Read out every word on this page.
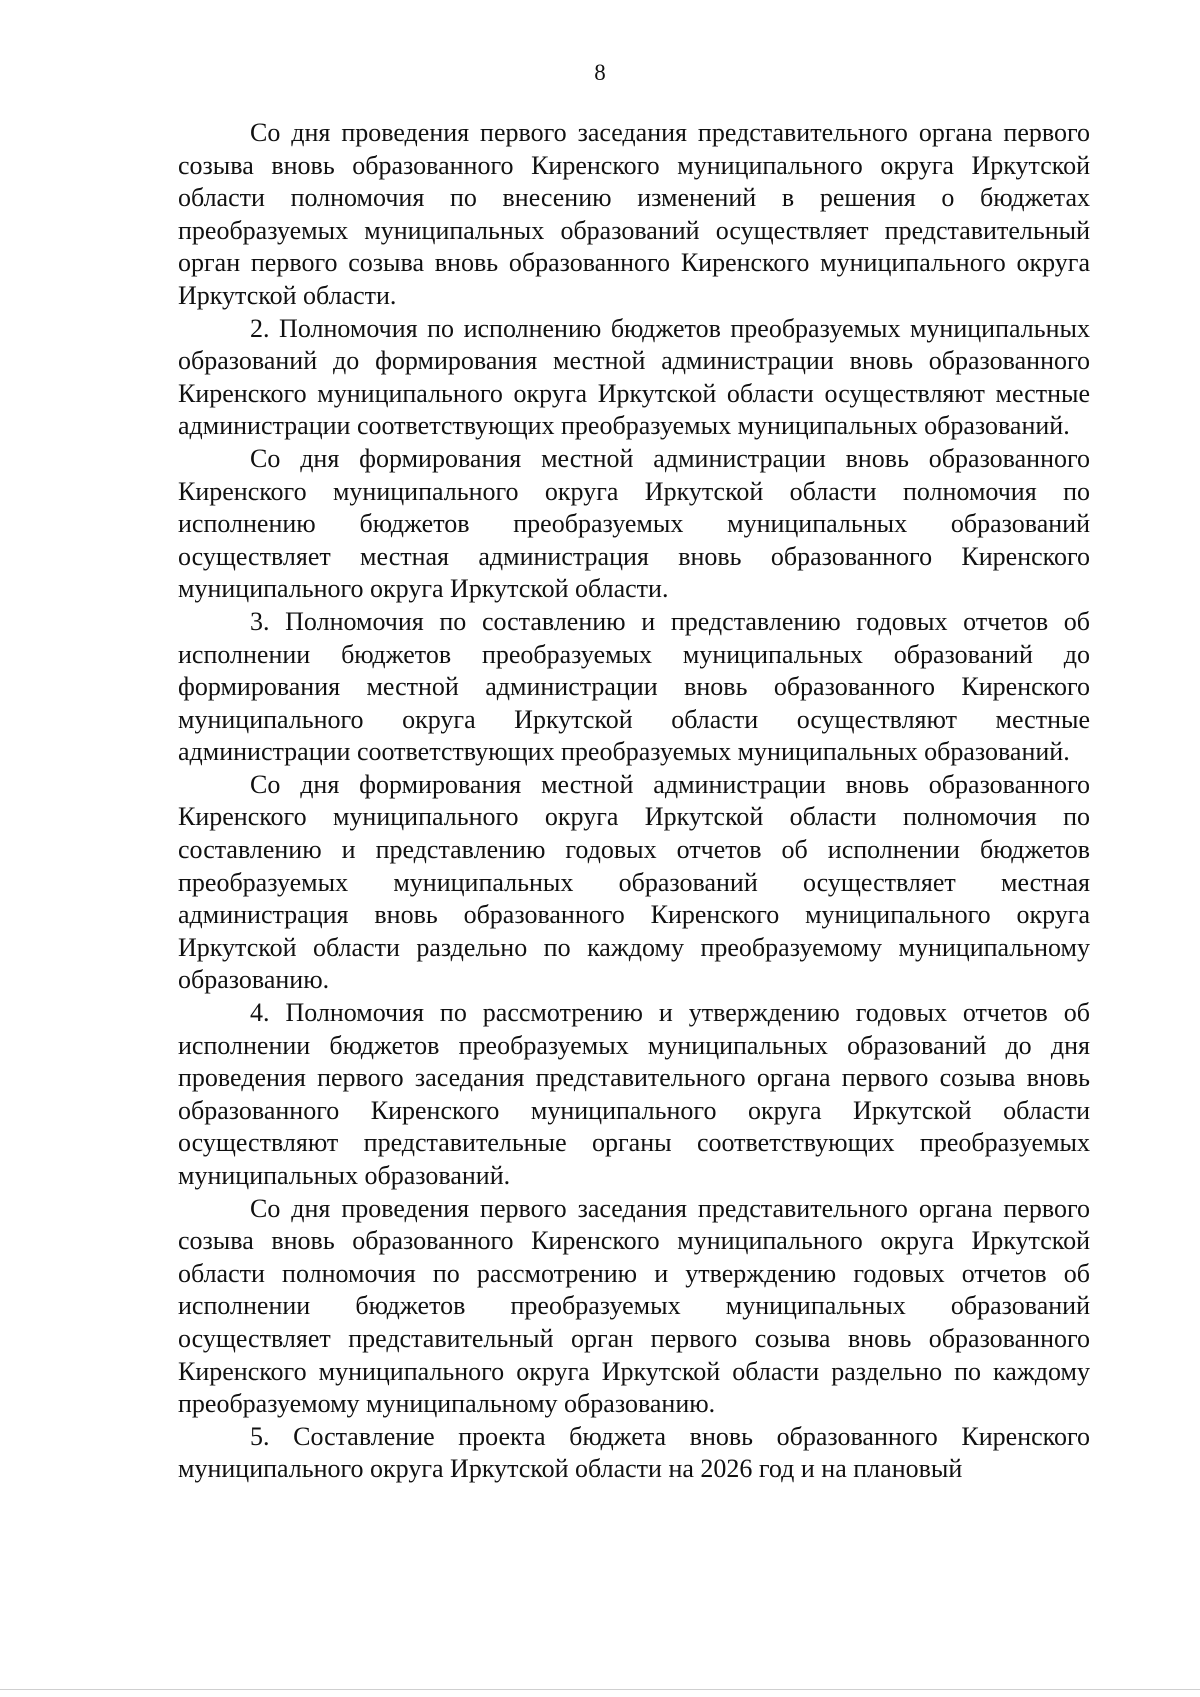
8

Со дня проведения первого заседания представительного органа первого созыва вновь образованного Киренского муниципального округа Иркутской области полномочия по внесению изменений в решения о бюджетах преобразуемых муниципальных образований осуществляет представительный орган первого созыва вновь образованного Киренского муниципального округа Иркутской области.

2. Полномочия по исполнению бюджетов преобразуемых муниципальных образований до формирования местной администрации вновь образованного Киренского муниципального округа Иркутской области осуществляют местные администрации соответствующих преобразуемых муниципальных образований.

Со дня формирования местной администрации вновь образованного Киренского муниципального округа Иркутской области полномочия по исполнению бюджетов преобразуемых муниципальных образований осуществляет местная администрация вновь образованного Киренского муниципального округа Иркутской области.

3. Полномочия по составлению и представлению годовых отчетов об исполнении бюджетов преобразуемых муниципальных образований до формирования местной администрации вновь образованного Киренского муниципального округа Иркутской области осуществляют местные администрации соответствующих преобразуемых муниципальных образований.

Со дня формирования местной администрации вновь образованного Киренского муниципального округа Иркутской области полномочия по составлению и представлению годовых отчетов об исполнении бюджетов преобразуемых муниципальных образований осуществляет местная администрация вновь образованного Киренского муниципального округа Иркутской области раздельно по каждому преобразуемому муниципальному образованию.

4. Полномочия по рассмотрению и утверждению годовых отчетов об исполнении бюджетов преобразуемых муниципальных образований до дня проведения первого заседания представительного органа первого созыва вновь образованного Киренского муниципального округа Иркутской области осуществляют представительные органы соответствующих преобразуемых муниципальных образований.

Со дня проведения первого заседания представительного органа первого созыва вновь образованного Киренского муниципального округа Иркутской области полномочия по рассмотрению и утверждению годовых отчетов об исполнении бюджетов преобразуемых муниципальных образований осуществляет представительный орган первого созыва вновь образованного Киренского муниципального округа Иркутской области раздельно по каждому преобразуемому муниципальному образованию.

5. Составление проекта бюджета вновь образованного Киренского муниципального округа Иркутской области на 2026 год и на плановый
